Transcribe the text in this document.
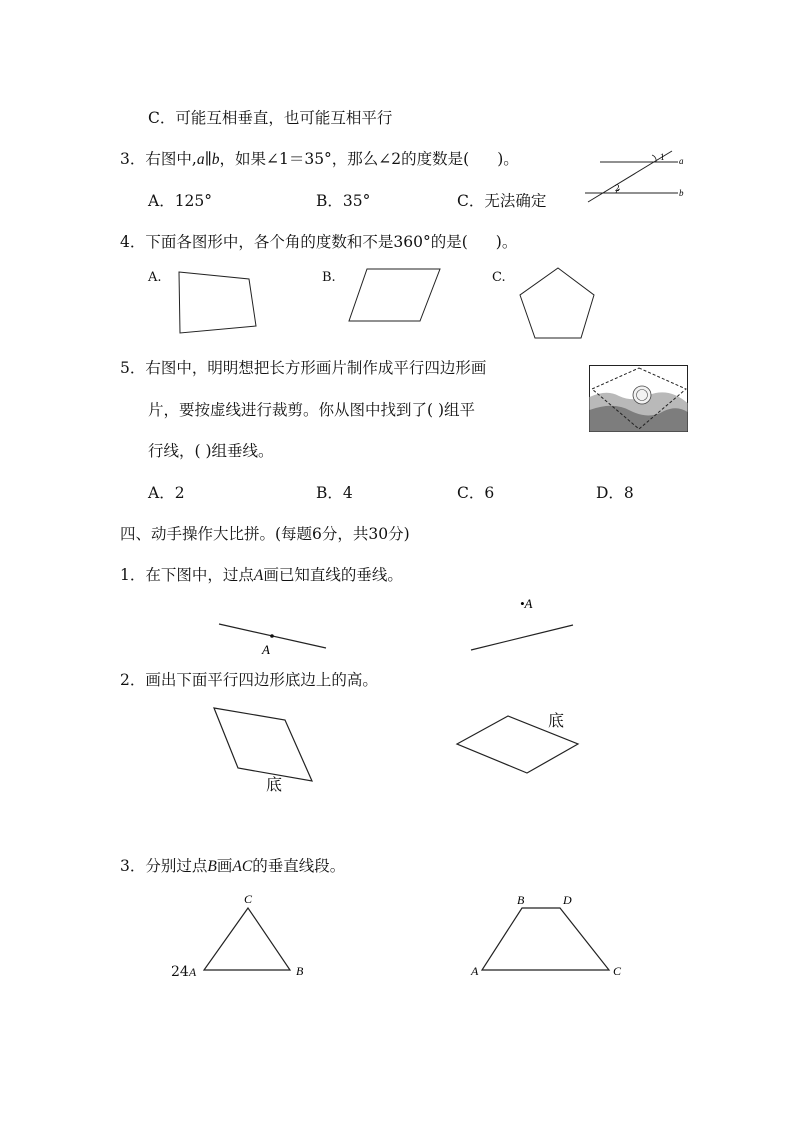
C．可能互相垂直，也可能互相平行
3．右图中,a∥b，如果∠1＝35°，那么∠2的度数是( )。
A．125°	B．35°	C．无法确定
1
2
a
b
4．下面各图形中，各个角的度数和不是360°的是( )。
A.	B.	C.
5．右图中，明明想把长方形画片制作成平行四边形画
片，要按虚线进行裁剪。你从图中找到了( )组平
行线，( )组垂线。
A．2	B．4	C．6	D．8
四、动手操作大比拼。(每题6分，共30分)
1．在下图中，过点A画已知直线的垂线。
A
•A
2．画出下面平行四边形底边上的高。
底
底
3．分别过点B画AC的垂直线段。
C
B
24A
B	D
A	C
